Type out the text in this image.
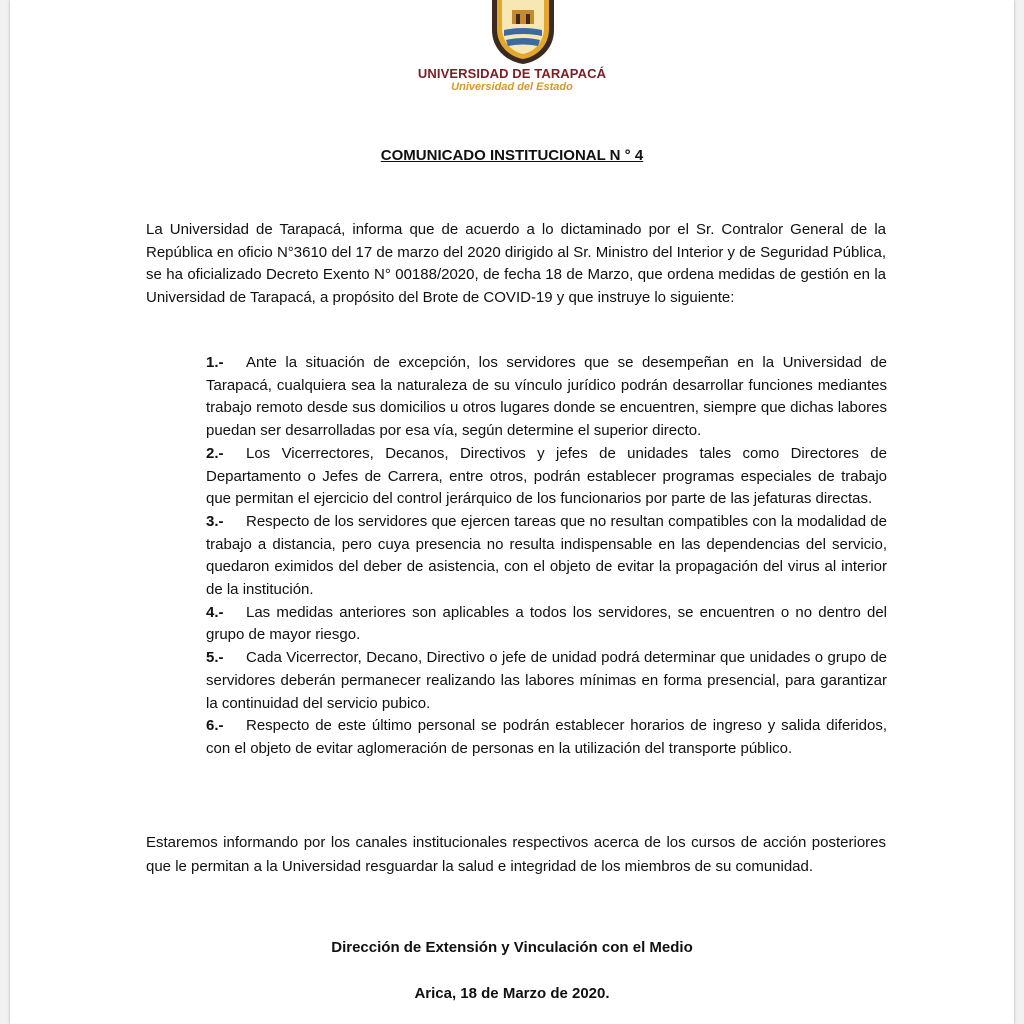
UNIVERSIDAD DE TARAPACÁ
Universidad del Estado
COMUNICADO INSTITUCIONAL N ° 4

La Universidad de Tarapacá, informa que de acuerdo a lo dictaminado por el Sr. Contralor General de la República en oficio N°3610 del 17 de marzo del 2020 dirigido al Sr. Ministro del Interior y de Seguridad Pública, se ha oficializado Decreto Exento N° 00188/2020, de fecha 18 de Marzo, que ordena medidas de gestión en la Universidad de Tarapacá, a propósito del Brote de COVID-19 y que instruye lo siguiente:

1.- Ante la situación de excepción, los servidores que se desempeñan en la Universidad de Tarapacá, cualquiera sea la naturaleza de su vínculo jurídico podrán desarrollar funciones mediantes trabajo remoto desde sus domicilios u otros lugares donde se encuentren, siempre que dichas labores puedan ser desarrolladas por esa vía, según determine el superior directo.
2.- Los Vicerrectores, Decanos, Directivos y jefes de unidades tales como Directores de Departamento o Jefes de Carrera, entre otros, podrán establecer programas especiales de trabajo que permitan el ejercicio del control jerárquico de los funcionarios por parte de las jefaturas directas.
3.- Respecto de los servidores que ejercen tareas que no resultan compatibles con la modalidad de trabajo a distancia, pero cuya presencia no resulta indispensable en las dependencias del servicio, quedaron eximidos del deber de asistencia, con el objeto de evitar la propagación del virus al interior de la institución.
4.- Las medidas anteriores son aplicables a todos los servidores, se encuentren o no dentro del grupo de mayor riesgo.
5.- Cada Vicerrector, Decano, Directivo o jefe de unidad podrá determinar que unidades o grupo de servidores deberán permanecer realizando las labores mínimas en forma presencial, para garantizar la continuidad del servicio pubico.
6.- Respecto de este último personal se podrán establecer horarios de ingreso y salida diferidos, con el objeto de evitar aglomeración de personas en la utilización del transporte público.

Estaremos informando por los canales institucionales respectivos acerca de los cursos de acción posteriores que le permitan a la Universidad resguardar la salud e integridad de los miembros de su comunidad.

Dirección de Extensión y Vinculación con el Medio
Arica, 18 de Marzo de 2020.
